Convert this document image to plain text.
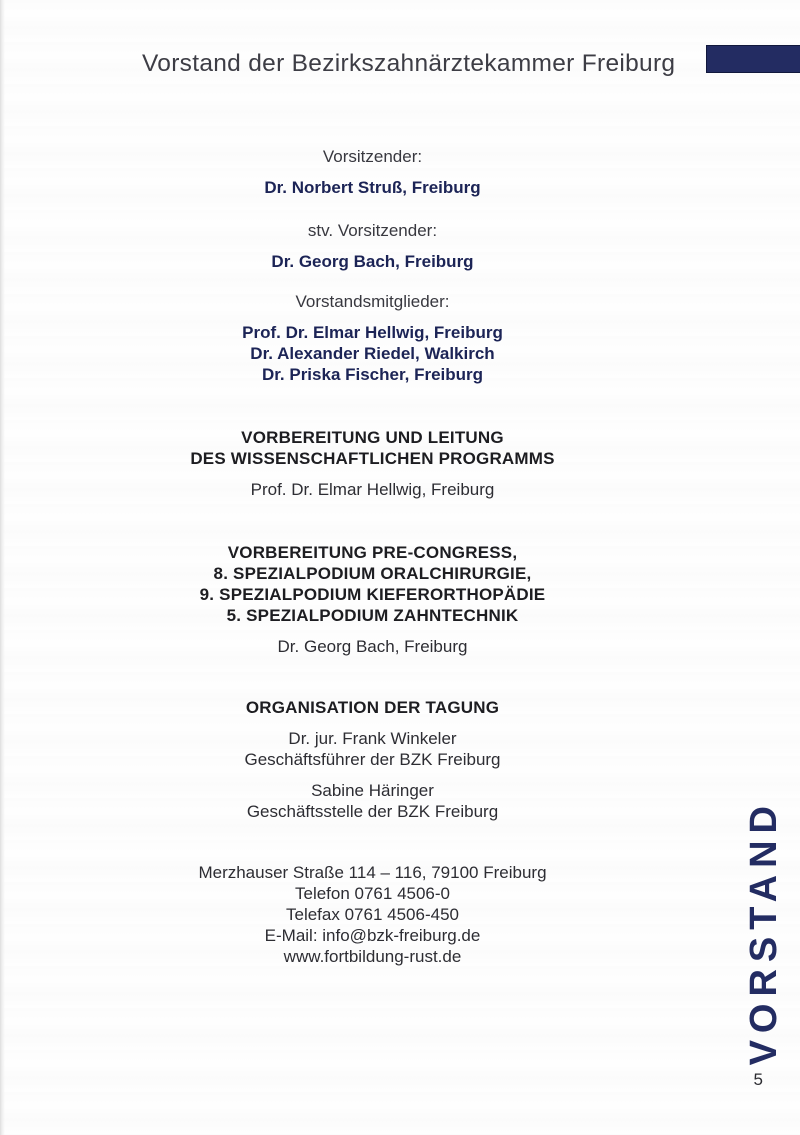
Vorstand der Bezirkszahnärztekammer Freiburg
Vorsitzender:
Dr. Norbert Struß, Freiburg
stv. Vorsitzender:
Dr. Georg Bach, Freiburg
Vorstandsmitglieder:
Prof. Dr. Elmar Hellwig, Freiburg
Dr. Alexander Riedel, Walkirch
Dr. Priska Fischer, Freiburg
VORBEREITUNG UND LEITUNG
DES WISSENSCHAFTLICHEN PROGRAMMS
Prof. Dr. Elmar Hellwig, Freiburg
VORBEREITUNG PRE-CONGRESS,
8. SPEZIALPODIUM ORALCHIRURGIE,
9. SPEZIALPODIUM KIEFERORTHOPÄDIE
5. SPEZIALPODIUM ZAHNTECHNIK
Dr. Georg Bach, Freiburg
ORGANISATION DER TAGUNG
Dr. jur. Frank Winkeler
Geschäftsführer der BZK Freiburg
Sabine Häringer
Geschäftsstelle der BZK Freiburg
Merzhauser Straße 114 – 116, 79100 Freiburg
Telefon 0761 4506-0
Telefax 0761 4506-450
E-Mail: info@bzk-freiburg.de
www.fortbildung-rust.de	VORSTAND
5
